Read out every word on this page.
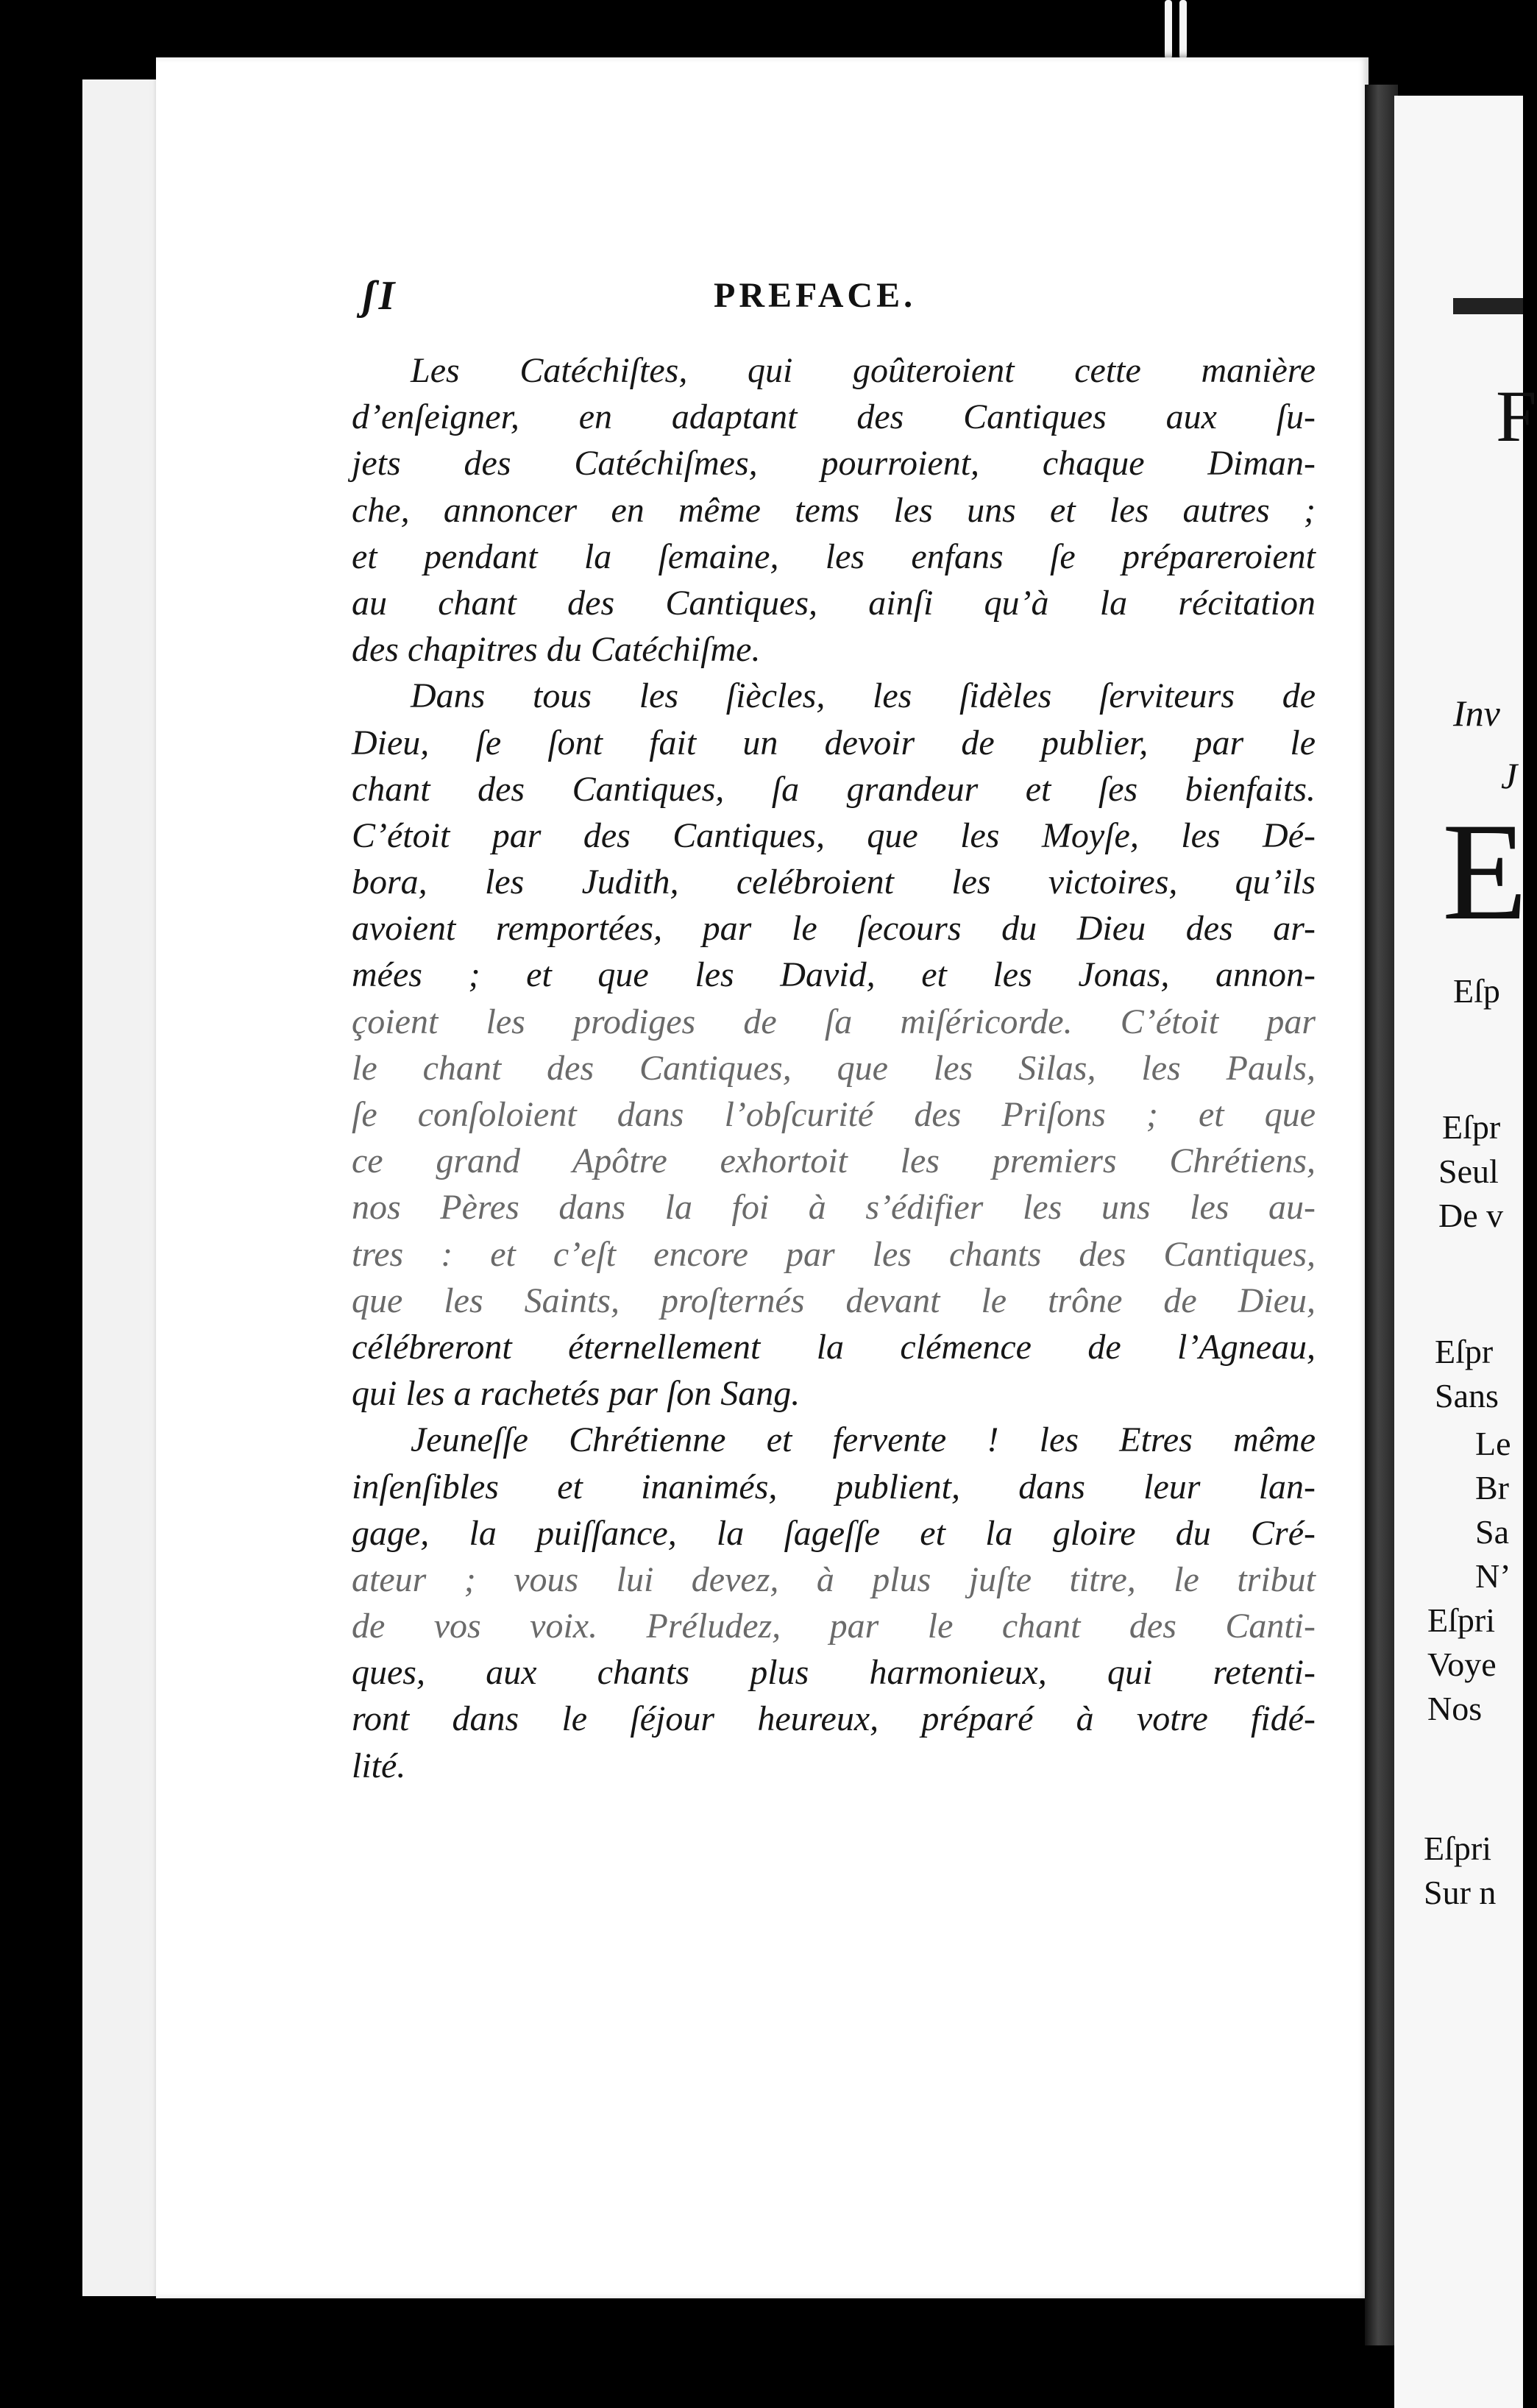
ʃI	PREFACE.
Les Catéchiſtes, qui goûteroient cette manière
d’enſeigner, en adaptant des Cantiques aux ſu-
jets des Catéchiſmes, pourroient, chaque Diman-
che, annoncer en même tems les uns et les autres ;
et pendant la ſemaine, les enfans ſe prépareroient
au chant des Cantiques, ainſi qu’à la récitation
des chapitres du Catéchiſme.
Dans tous les ſiècles, les ſidèles ſerviteurs de
Dieu, ſe ſont fait un devoir de publier, par le
chant des Cantiques, ſa grandeur et ſes bienfaits.
C’étoit par des Cantiques, que les Moyſe, les Dé-
bora, les Judith, celébroient les victoires, qu’ils
avoient remportées, par le ſecours du Dieu des ar-
mées ; et que les David, et les Jonas, annon-
çoient les prodiges de ſa miſéricorde. C’étoit par
le chant des Cantiques, que les Silas, les Pauls,
ſe conſoloient dans l’obſcurité des Priſons ; et que
ce grand Apôtre exhortoit les premiers Chrétiens,
nos Pères dans la foi à s’édifier les uns les au-
tres : et c’eſt encore par les chants des Cantiques,
que les Saints, proſternés devant le trône de Dieu,
célébreront éternellement la clémence de l’Agneau,
qui les a rachetés par ſon Sang.
Jeuneſſe Chrétienne et fervente ! les Etres même
inſenſibles et inanimés, publient, dans leur lan-
gage, la puiſſance, la ſageſſe et la gloire du Cré-
ateur ; vous lui devez, à plus juſte titre, le tribut
de vos voix. Préludez, par le chant des Canti-
ques, aux chants plus harmonieux, qui retenti-
ront dans le ſéjour heureux, préparé à votre fidé-
lité.
F
Inv
J
E
Eſp
Eſpr
Seul
De v
Eſpr
Sans
Le
Br
Sa
N’
Eſpri
Voye
Nos
Eſpri
Sur n
